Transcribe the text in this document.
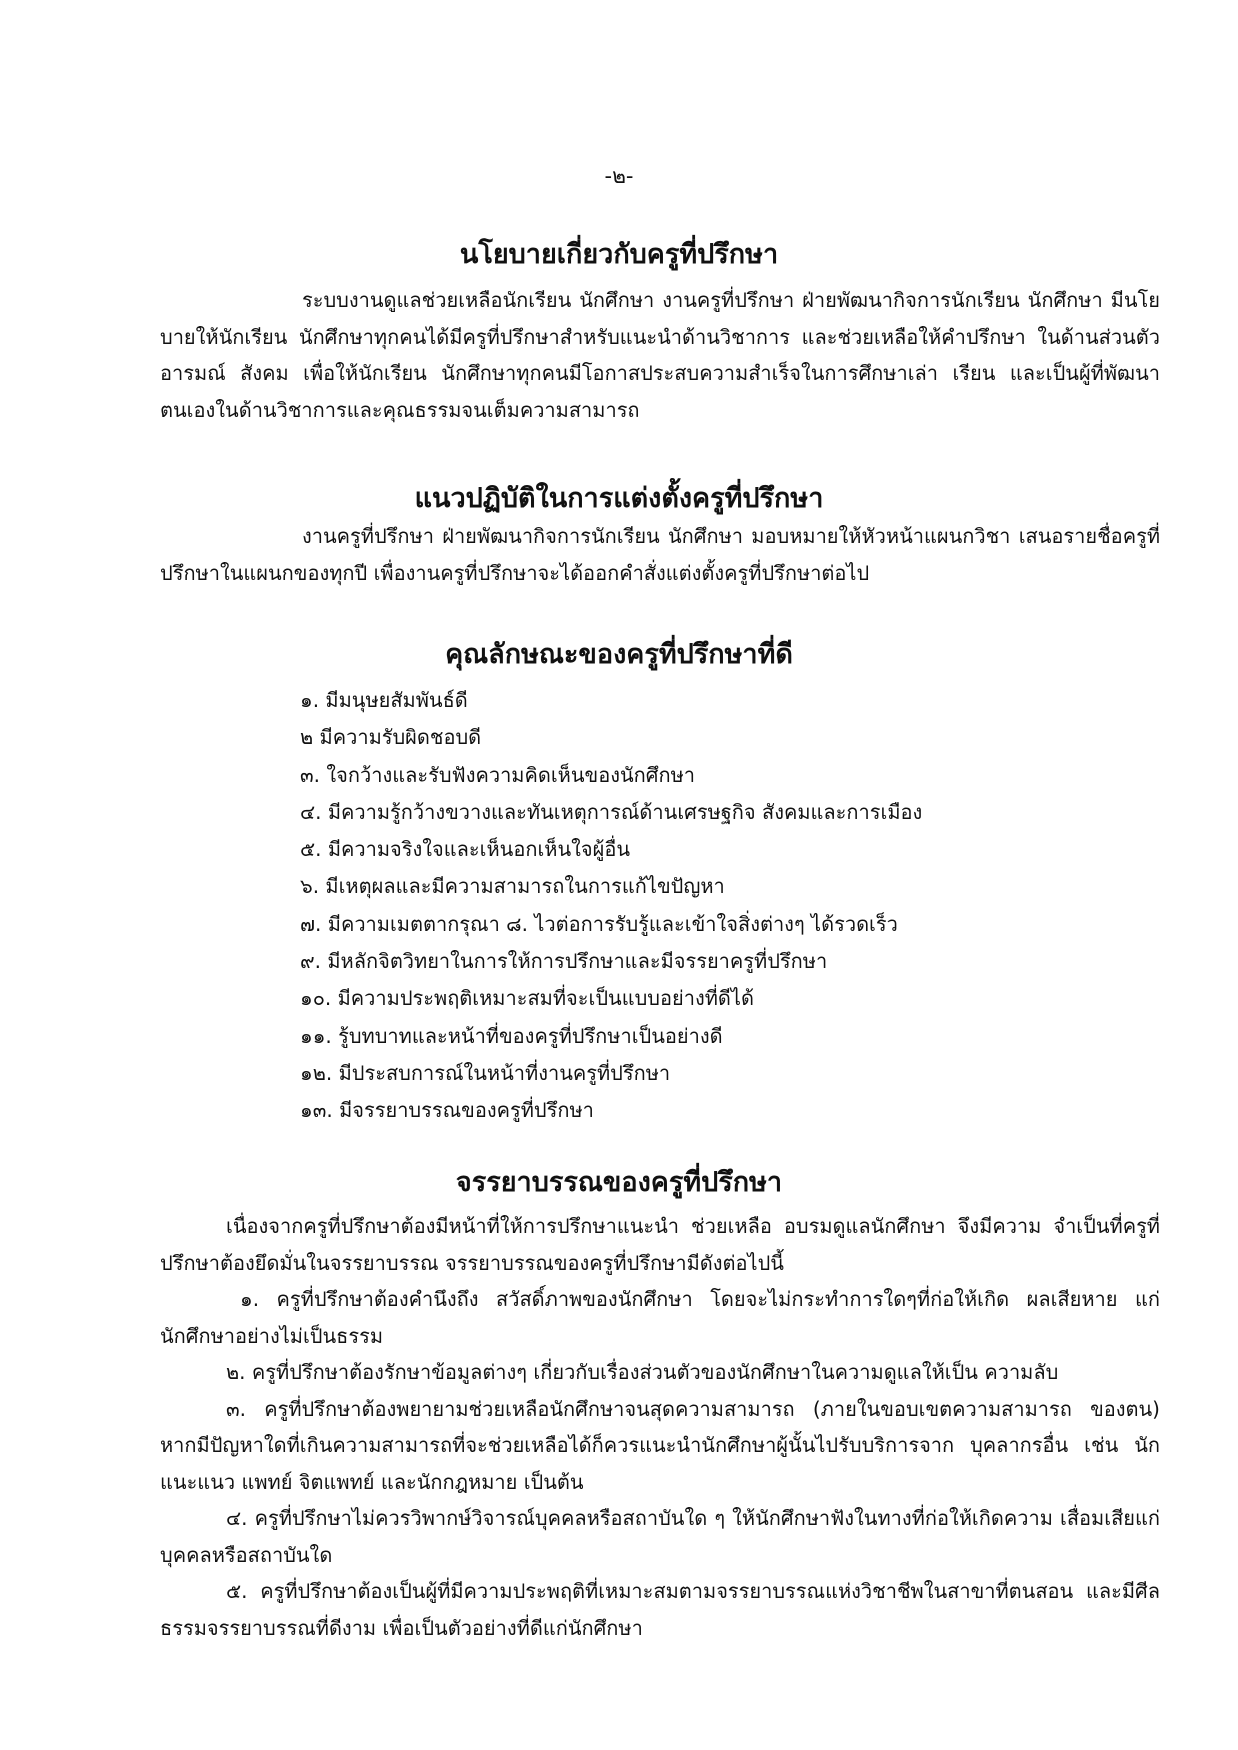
-๒-
นโยบายเกี่ยวกับครูที่ปรึกษา
ระบบงานดูแลช่วยเหลือนักเรียน นักศึกษา งานครูที่ปรึกษา ฝ่ายพัฒนากิจการนักเรียน นักศึกษา มีนโยบายให้นักเรียน นักศึกษาทุกคนได้มีครูที่ปรึกษาสำหรับแนะนำด้านวิชาการ และช่วยเหลือให้คำปรึกษา ในด้านส่วนตัว อารมณ์ สังคม เพื่อให้นักเรียน นักศึกษาทุกคนมีโอกาสประสบความสำเร็จในการศึกษาเล่า เรียน และเป็นผู้ที่พัฒนาตนเองในด้านวิชาการและคุณธรรมจนเต็มความสามารถ
แนวปฏิบัติในการแต่งตั้งครูที่ปรึกษา
งานครูที่ปรึกษา ฝ่ายพัฒนากิจการนักเรียน นักศึกษา มอบหมายให้หัวหน้าแผนกวิชา เสนอรายชื่อครูที่ปรึกษาในแผนกของทุกปี เพื่องานครูที่ปรึกษาจะได้ออกคำสั่งแต่งตั้งครูที่ปรึกษาต่อไป
คุณลักษณะของครูที่ปรึกษาที่ดี
๑. มีมนุษยสัมพันธ์ดี
๒ มีความรับผิดชอบดี
๓. ใจกว้างและรับฟังความคิดเห็นของนักศึกษา
๔. มีความรู้กว้างขวางและทันเหตุการณ์ด้านเศรษฐกิจ สังคมและการเมือง
๕. มีความจริงใจและเห็นอกเห็นใจผู้อื่น
๖. มีเหตุผลและมีความสามารถในการแก้ไขปัญหา
๗. มีความเมตตากรุณา ๘. ไวต่อการรับรู้และเข้าใจสิ่งต่างๆ ได้รวดเร็ว
๙. มีหลักจิตวิทยาในการให้การปรึกษาและมีจรรยาครูที่ปรึกษา
๑๐. มีความประพฤติเหมาะสมที่จะเป็นแบบอย่างที่ดีได้
๑๑. รู้บทบาทและหน้าที่ของครูที่ปรึกษาเป็นอย่างดี
๑๒. มีประสบการณ์ในหน้าที่งานครูที่ปรึกษา
๑๓. มีจรรยาบรรณของครูที่ปรึกษา
จรรยาบรรณของครูที่ปรึกษา

เนื่องจากครูที่ปรึกษาต้องมีหน้าที่ให้การปรึกษาแนะนำ ช่วยเหลือ อบรมดูแลนักศึกษา จึงมีความ จำเป็นที่ครูที่ปรึกษาต้องยึดมั่นในจรรยาบรรณ จรรยาบรรณของครูที่ปรึกษามีดังต่อไปนี้

๑. ครูที่ปรึกษาต้องคำนึงถึง สวัสดิ์ภาพของนักศึกษา โดยจะไม่กระทำการใดๆที่ก่อให้เกิด ผลเสียหาย แก่นักศึกษาอย่างไม่เป็นธรรม

๒. ครูที่ปรึกษาต้องรักษาข้อมูลต่างๆ เกี่ยวกับเรื่องส่วนตัวของนักศึกษาในความดูแลให้เป็น ความลับ

๓. ครูที่ปรึกษาต้องพยายามช่วยเหลือนักศึกษาจนสุดความสามารถ (ภายในขอบเขตความสามารถ ของตน) หากมีปัญหาใดที่เกินความสามารถที่จะช่วยเหลือได้ก็ควรแนะนำนักศึกษาผู้นั้นไปรับบริการจาก บุคลากรอื่น เช่น นักแนะแนว แพทย์ จิตแพทย์ และนักกฎหมาย เป็นต้น

๔. ครูที่ปรึกษาไม่ควรวิพากษ์วิจารณ์บุคคลหรือสถาบันใด ๆ ให้นักศึกษาฟังในทางที่ก่อให้เกิดความ เสื่อมเสียแก่บุคคลหรือสถาบันใด

๕. ครูที่ปรึกษาต้องเป็นผู้ที่มีความประพฤติที่เหมาะสมตามจรรยาบรรณแห่งวิชาชีพในสาขาที่ตนสอน และมีศีลธรรมจรรยาบรรณที่ดีงาม เพื่อเป็นตัวอย่างที่ดีแก่นักศึกษา
